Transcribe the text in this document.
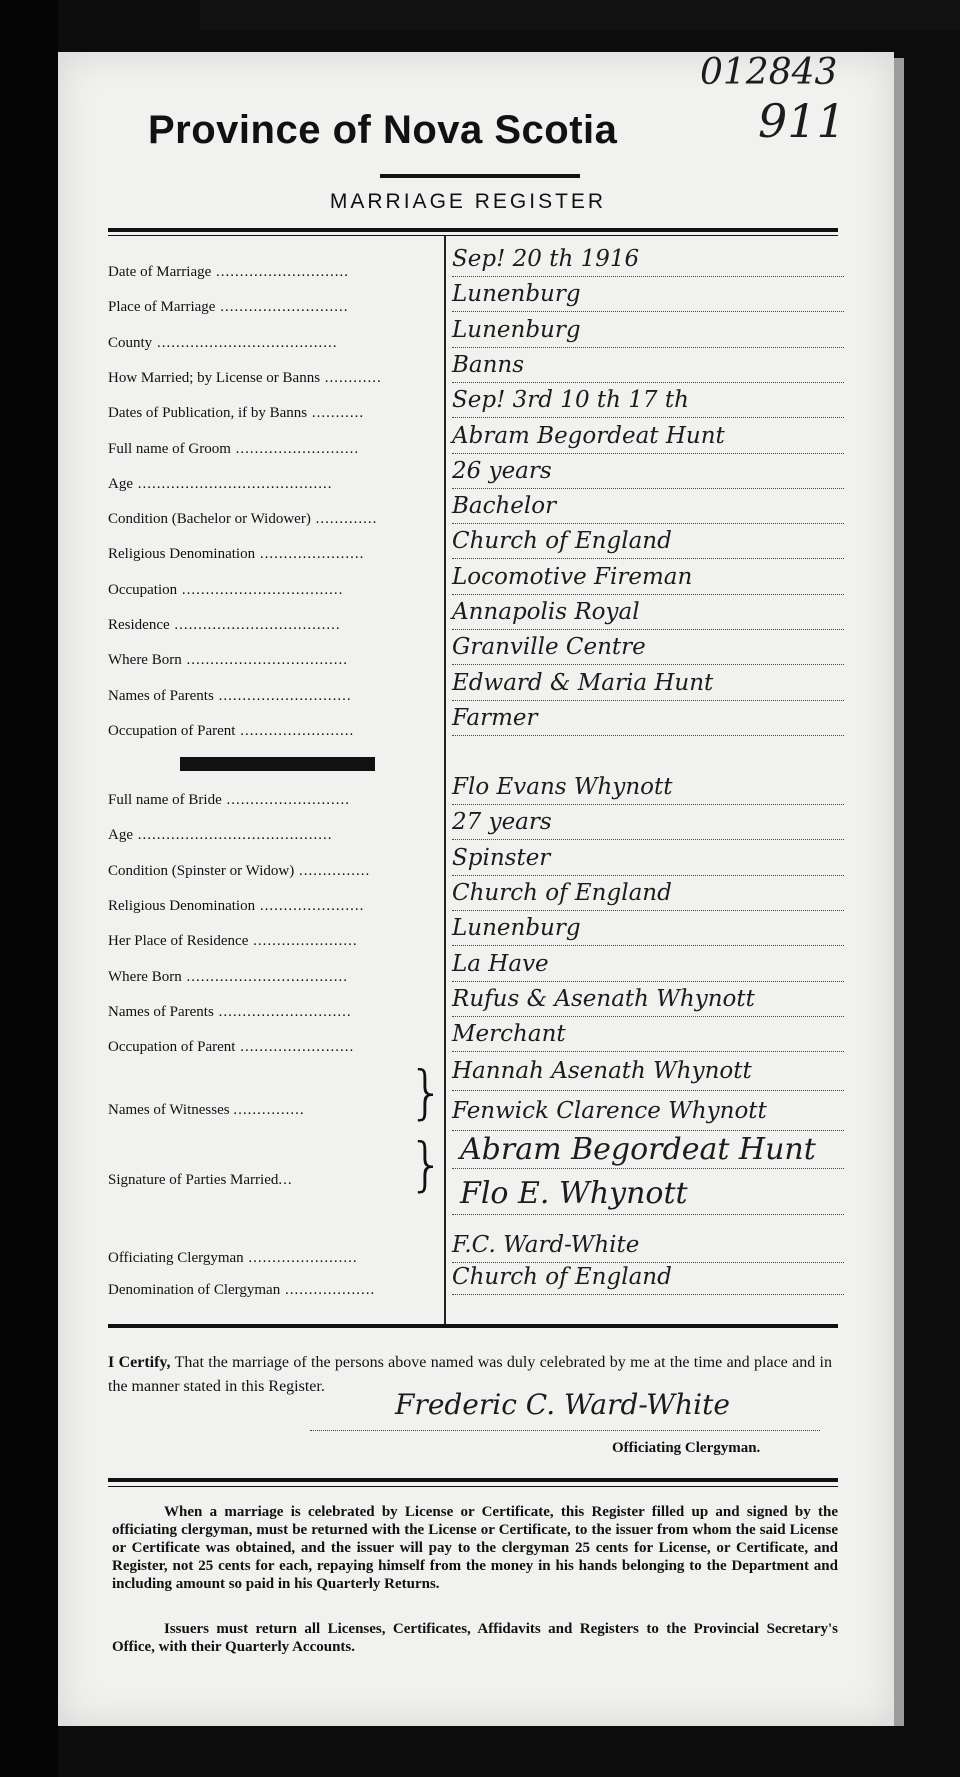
012843
911
Province of Nova Scotia
MARRIAGE REGISTER
Date of Marriage ............................	Sep! 20 th 1916
Place of Marriage ...........................	Lunenburg
County ......................................	Lunenburg
How Married; by License or Banns ............	Banns
Dates of Publication, if by Banns ...........	Sep! 3rd 10 th 17 th
Full name of Groom ..........................	Abram Begordeat Hunt
Age .........................................	26 years
Condition (Bachelor or Widower) .............	Bachelor
Religious Denomination ......................	Church of England
Occupation ..................................	Locomotive Fireman
Residence ...................................	Annapolis Royal
Where Born ..................................	Granville Centre
Names of Parents ............................	Edward & Maria Hunt
Occupation of Parent ........................	Farmer
Full name of Bride ..........................	Flo Evans Whynott
Age .........................................	27 years
Condition (Spinster or Widow) ...............	Spinster
Religious Denomination ......................	Church of England
Her Place of Residence ......................	Lunenburg
Where Born ..................................	La Have
Names of Parents ............................	Rufus & Asenath Whynott
Occupation of Parent ........................	Merchant
Names of Witnesses ............... } Hannah Asenath Whynott
Fenwick Clarence Whynott
Signature of Parties Married... } Abram Begordeat Hunt
Flo E. Whynott
Officiating Clergyman .......................	F.C. Ward-White
Denomination of Clergyman ...................	Church of England
I Certify, That the marriage of the persons above named was duly celebrated by me at the time and place and in the manner stated in this Register.
Frederic C. Ward-White
Officiating Clergyman.

When a marriage is celebrated by License or Certificate, this Register filled up and signed by the officiating clergyman, must be returned with the License or Certificate, to the issuer from whom the said License or Certificate was obtained, and the issuer will pay to the clergyman 25 cents for License, or Certificate, and Register, not 25 cents for each, repaying himself from the money in his hands belonging to the Department and including amount so paid in his Quarterly Returns.

Issuers must return all Licenses, Certificates, Affidavits and Registers to the Provincial Secretary's Office, with their Quarterly Accounts.
